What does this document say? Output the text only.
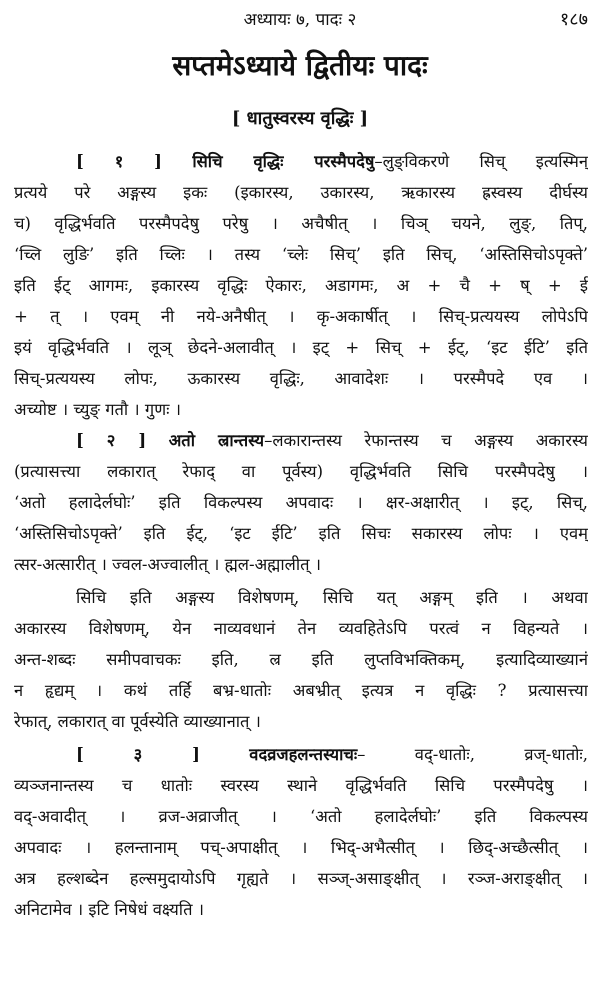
अध्यायः ७, पादः २	१८७
सप्तमेऽध्याये द्वितीयः पादः
[ धातुस्वरस्य वृद्धिः ]
[ १ ] सिचि वृद्धिः परस्मैपदेषु–लुङ्विकरणे सिच् इत्यस्मिन्
प्रत्यये परे अङ्गस्य इकः (इकारस्य, उकारस्य, ऋकारस्य ह्रस्वस्य दीर्घस्य
च) वृद्धिर्भवति परस्मैपदेषु परेषु । अचैषीत् । चिञ् चयने, लुङ्, तिप्,
‘च्लि लुङि’ इति च्लिः । तस्य ‘च्लेः सिच्’ इति सिच्, ‘अस्तिसिचोऽपृक्ते’
इति ईट् आगमः, इकारस्य वृद्धिः ऐकारः, अडागमः, अ + चै + ष् + ई
+ त् । एवम् नी नये-अनैषीत् । कृ-अकार्षीत् । सिच्-प्रत्ययस्य लोपेऽपि
इयं वृद्धिर्भवति । लूञ् छेदने-अलावीत् । इट् + सिच् + ईट्, ‘इट ईटि’ इति
सिच्-प्रत्ययस्य लोपः, ऊकारस्य वृद्धिः, आवादेशः । परस्मैपदे एव ।
अच्योष्ट । च्युङ् गतौ । गुणः ।
[ २ ] अतो ल्रान्तस्य–लकारान्तस्य रेफान्तस्य च अङ्गस्य अकारस्य
(प्रत्यासत्त्या लकारात् रेफाद् वा पूर्वस्य) वृद्धिर्भवति सिचि परस्मैपदेषु ।
‘अतो हलादेर्लघोः’ इति विकल्पस्य अपवादः । क्षर-अक्षारीत् । इट्, सिच्,
‘अस्तिसिचोऽपृक्ते’ इति ईट्, ‘इट ईटि’ इति सिचः सकारस्य लोपः । एवम्
त्सर-अत्सारीत् । ज्वल-अज्वालीत् । ह्मल-अह्मालीत् ।
सिचि इति अङ्गस्य विशेषणम्, सिचि यत् अङ्गम् इति । अथवा
अकारस्य विशेषणम्, येन नाव्यवधानं तेन व्यवहितेऽपि परत्वं न विहन्यते ।
अन्त-शब्दः समीपवाचकः इति, ल्र इति लुप्तविभक्तिकम्, इत्यादिव्याख्यानं
न हृद्यम् । कथं तर्हि बभ्र-धातोः अबभ्रीत् इत्यत्र न वृद्धिः ? प्रत्यासत्त्या
रेफात्, लकारात् वा पूर्वस्येति व्याख्यानात् ।
[ ३ ]	वदव्रजहलन्तस्याचः– वद्-धातोः, व्रज्-धातोः,
व्यञ्जनान्तस्य च धातोः स्वरस्य स्थाने वृद्धिर्भवति सिचि परस्मैपदेषु ।
वद्-अवादीत् । व्रज-अव्राजीत् । ‘अतो हलादेर्लघोः’ इति विकल्पस्य
अपवादः । हलन्तानाम् पच्-अपाक्षीत् । भिद्-अभैत्सीत् । छिद्-अच्छैत्सीत् ।
अत्र हल्शब्देन हल्समुदायोऽपि गृह्यते । सञ्ज्-असाङ्क्षीत् । रञ्ज-अराङ्क्षीत् ।
अनिटामेव । इटि निषेधं वक्ष्यति ।
